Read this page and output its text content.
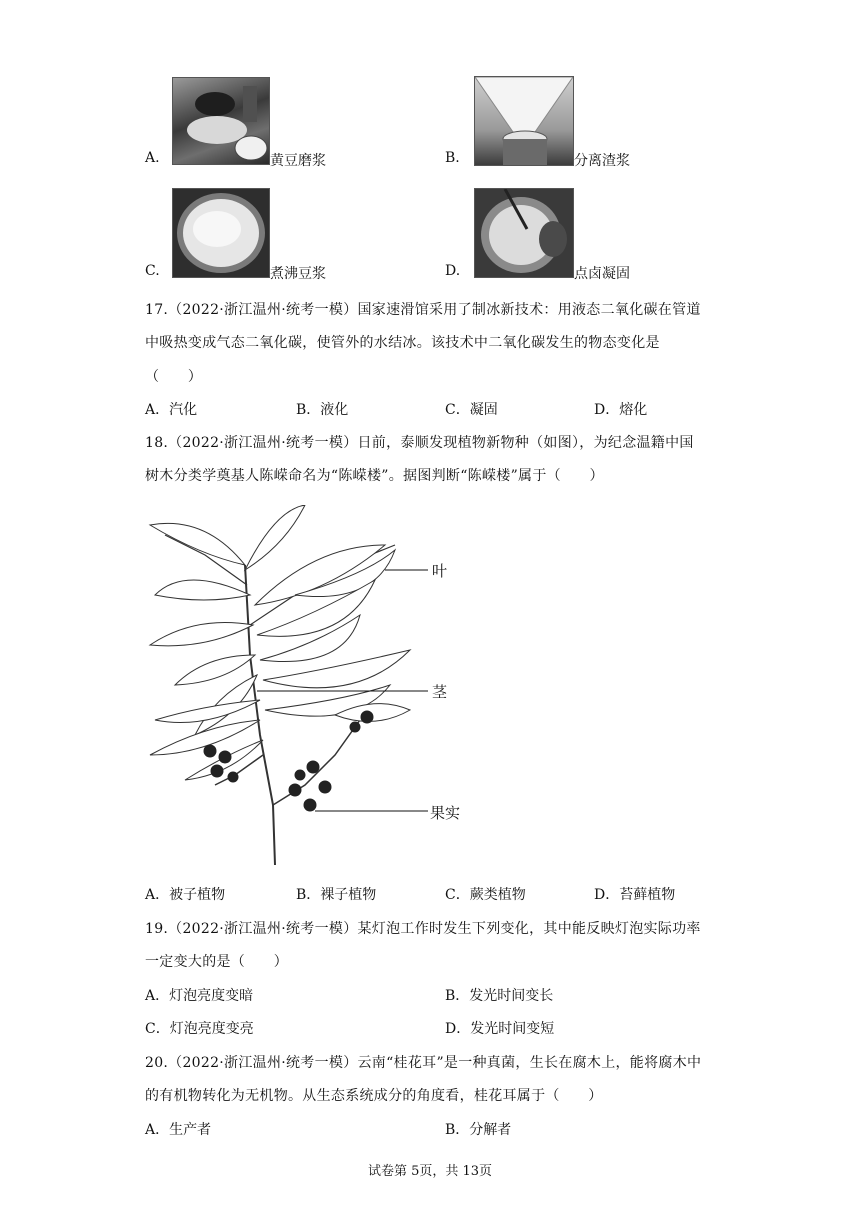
A.	黄豆磨浆	B.	分离渣浆
C.	煮沸豆浆	D.	点卤凝固
17.（2022·浙江温州·统考一模）国家速滑馆采用了制冰新技术：用液态二氧化碳在管道
中吸热变成气态二氧化碳，使管外的水结冰。该技术中二氧化碳发生的物态变化是
（　　）
A．汽化	B．液化	C．凝固	D．熔化
18.（2022·浙江温州·统考一模）日前，泰顺发现植物新物种（如图），为纪念温籍中国
树木分类学奠基人陈嵘命名为“陈嵘楼”。据图判断“陈嵘楼”属于（　　）
叶
茎
果实
A．被子植物	B．裸子植物	C．蕨类植物	D．苔藓植物
19.（2022·浙江温州·统考一模）某灯泡工作时发生下列变化，其中能反映灯泡实际功率
一定变大的是（　　）
A．灯泡亮度变暗	B．发光时间变长
C．灯泡亮度变亮	D．发光时间变短
20.（2022·浙江温州·统考一模）云南“桂花耳”是一种真菌，生长在腐木上，能将腐木中
的有机物转化为无机物。从生态系统成分的角度看，桂花耳属于（　　）
A．生产者	B．分解者
试卷第 5页，共 13页
